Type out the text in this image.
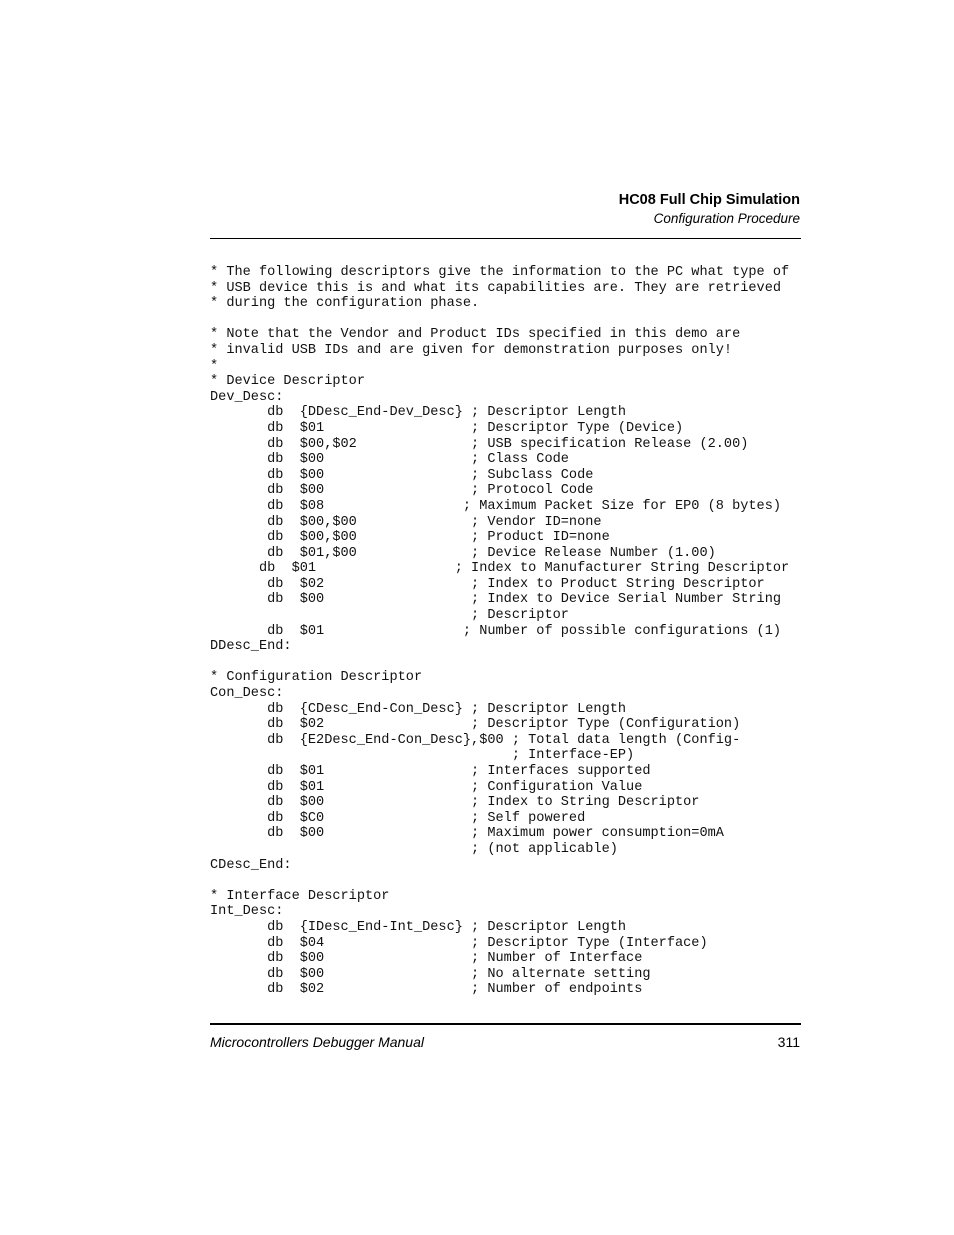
HC08 Full Chip Simulation
Configuration Procedure
* The following descriptors give the information to the PC what type of
* USB device this is and what its capabilities are. They are retrieved
* during the configuration phase.
* Note that the Vendor and Product IDs specified in this demo are
* invalid USB IDs and are given for demonstration purposes only!
*
* Device Descriptor
Dev_Desc:
db  {DDesc_End-Dev_Desc} ; Descriptor Length
db  $01                  ; Descriptor Type (Device)
db  $00,$02              ; USB specification Release (2.00)
db  $00                  ; Class Code
db  $00                  ; Subclass Code
db  $00                  ; Protocol Code
db  $08                 ; Maximum Packet Size for EP0 (8 bytes)
db  $00,$00              ; Vendor ID=none
db  $00,$00              ; Product ID=none
db  $01,$00              ; Device Release Number (1.00)
db  $01                 ; Index to Manufacturer String Descriptor
db  $02                  ; Index to Product String Descriptor
db  $00                  ; Index to Device Serial Number String
; Descriptor
db  $01                 ; Number of possible configurations (1)
DDesc_End:
* Configuration Descriptor
Con_Desc:
db  {CDesc_End-Con_Desc} ; Descriptor Length
db  $02                  ; Descriptor Type (Configuration)
db  {E2Desc_End-Con_Desc},$00 ; Total data length (Config-
; Interface-EP)
db  $01                  ; Interfaces supported
db  $01                  ; Configuration Value
db  $00                  ; Index to String Descriptor
db  $C0                  ; Self powered
db  $00                  ; Maximum power consumption=0mA
; (not applicable)
CDesc_End:
* Interface Descriptor
Int_Desc:
db  {IDesc_End-Int_Desc} ; Descriptor Length
db  $04                  ; Descriptor Type (Interface)
db  $00                  ; Number of Interface
db  $00                  ; No alternate setting
db  $02                  ; Number of endpoints
Microcontrollers Debugger Manual	311
